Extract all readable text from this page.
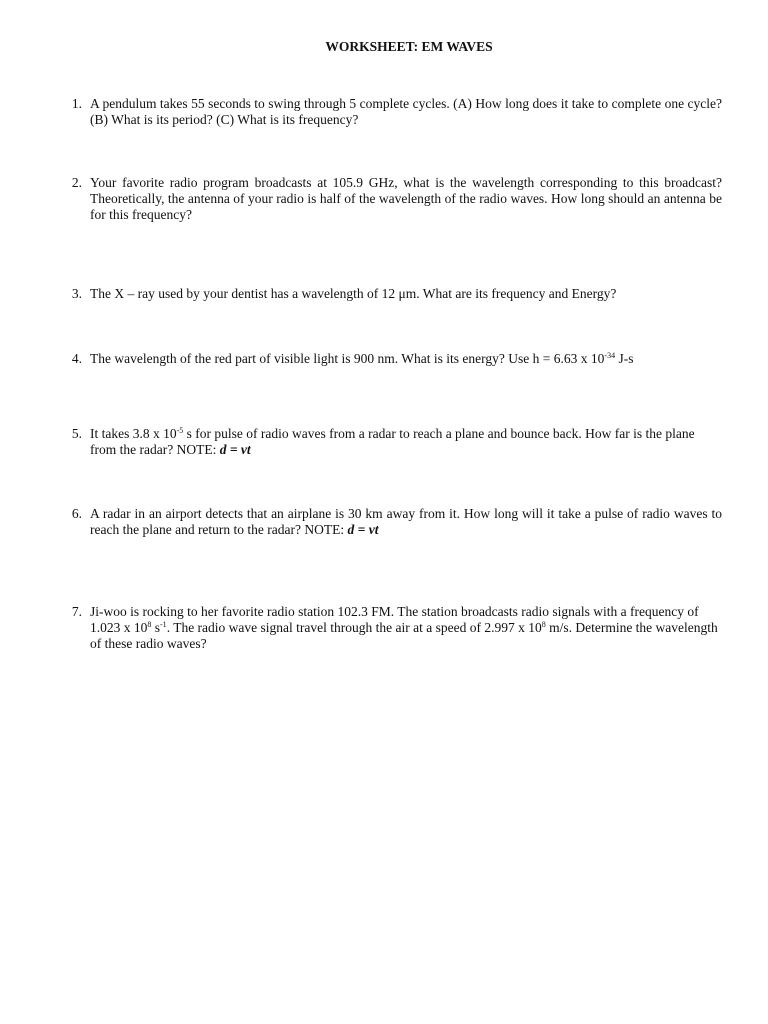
WORKSHEET: EM WAVES
1. A pendulum takes 55 seconds to swing through 5 complete cycles. (A) How long does it take to complete one cycle? (B) What is its period? (C) What is its frequency?
2. Your favorite radio program broadcasts at 105.9 GHz, what is the wavelength corresponding to this broadcast? Theoretically, the antenna of your radio is half of the wavelength of the radio waves. How long should an antenna be for this frequency?
3. The X – ray used by your dentist has a wavelength of 12 μm. What are its frequency and Energy?
4. The wavelength of the red part of visible light is 900 nm. What is its energy? Use h = 6.63 x $10^{-34}$ J-s
5. It takes 3.8 x $10^{-5}$ s for pulse of radio waves from a radar to reach a plane and bounce back. How far is the plane from the radar? NOTE: d = vt
6. A radar in an airport detects that an airplane is 30 km away from it. How long will it take a pulse of radio waves to reach the plane and return to the radar? NOTE: d = vt
7. Ji-woo is rocking to her favorite radio station 102.3 FM. The station broadcasts radio signals with a frequency of 1.023 x $10^8$ $s^{-1}$. The radio wave signal travel through the air at a speed of 2.997 x $10^8$ m/s. Determine the wavelength of these radio waves?
